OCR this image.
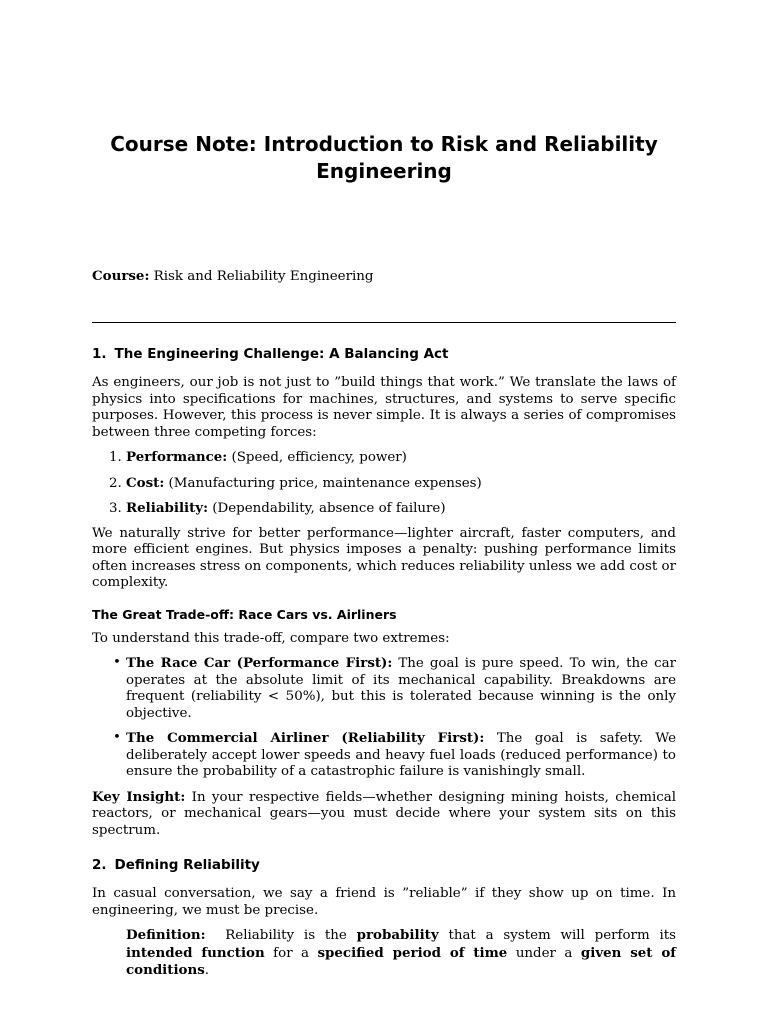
Course Note: Introduction to Risk and Reliability Engineering

Course: Risk and Reliability Engineering

1. The Engineering Challenge: A Balancing Act

As engineers, our job is not just to ”build things that work.” We translate the laws of physics into specifications for machines, structures, and systems to serve specific purposes. However, this process is never simple. It is always a series of compromises between three competing forces:

1. Performance: (Speed, efficiency, power)
2. Cost: (Manufacturing price, maintenance expenses)
3. Reliability: (Dependability, absence of failure)

We naturally strive for better performance—lighter aircraft, faster computers, and more efficient engines. But physics imposes a penalty: pushing performance limits often increases stress on components, which reduces reliability unless we add cost or complexity.

The Great Trade-off: Race Cars vs. Airliners

To understand this trade-off, compare two extremes:

• The Race Car (Performance First): The goal is pure speed. To win, the car operates at the absolute limit of its mechanical capability. Breakdowns are frequent (reliability < 50%), but this is tolerated because winning is the only objective.
• The Commercial Airliner (Reliability First): The goal is safety. We deliberately accept lower speeds and heavy fuel loads (reduced performance) to ensure the probability of a catastrophic failure is vanishingly small.

Key Insight: In your respective fields—whether designing mining hoists, chemical reactors, or mechanical gears—you must decide where your system sits on this spectrum.

2. Defining Reliability

In casual conversation, we say a friend is ”reliable” if they show up on time. In engineering, we must be precise.

Definition: Reliability is the probability that a system will perform its intended function for a specified period of time under a given set of conditions.
